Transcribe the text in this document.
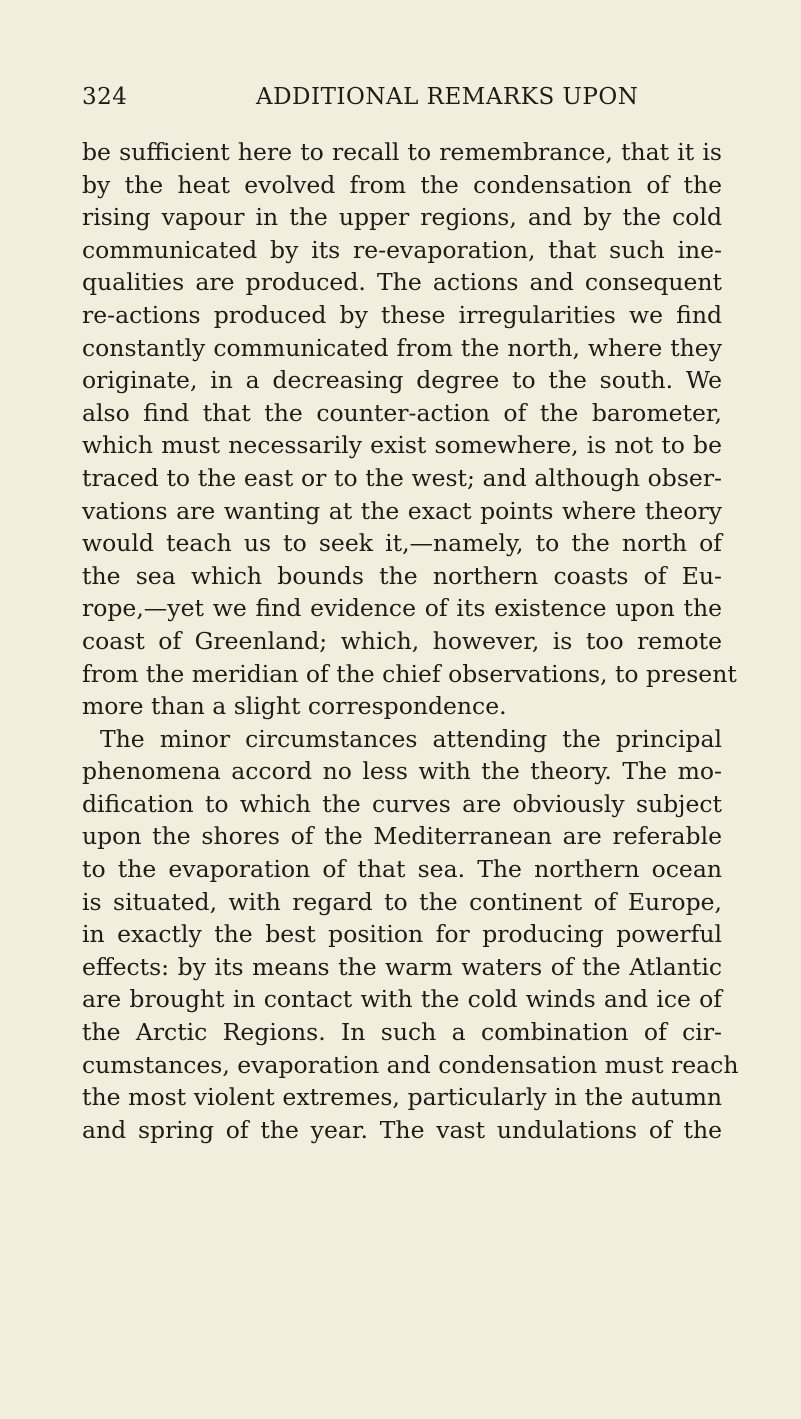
324	ADDITIONAL REMARKS UPON
be sufficient here to recall to remembrance, that it is
by the heat evolved from the condensation of the
rising vapour in the upper regions, and by the cold
communicated by its re-evaporation, that such ine-
qualities are produced. The actions and consequent
re-actions produced by these irregularities we find
constantly communicated from the north, where they
originate, in a decreasing degree to the south. We
also find that the counter-action of the barometer,
which must necessarily exist somewhere, is not to be
traced to the east or to the west; and although obser-
vations are wanting at the exact points where theory
would teach us to seek it,—namely, to the north of
the sea which bounds the northern coasts of Eu-
rope,—yet we find evidence of its existence upon the
coast of Greenland; which, however, is too remote
from the meridian of the chief observations, to present
more than a slight correspondence.
The minor circumstances attending the principal
phenomena accord no less with the theory. The mo-
dification to which the curves are obviously subject
upon the shores of the Mediterranean are referable
to the evaporation of that sea. The northern ocean
is situated, with regard to the continent of Europe,
in exactly the best position for producing powerful
effects: by its means the warm waters of the Atlantic
are brought in contact with the cold winds and ice of
the Arctic Regions. In such a combination of cir-
cumstances, evaporation and condensation must reach
the most violent extremes, particularly in the autumn
and spring of the year. The vast undulations of the
